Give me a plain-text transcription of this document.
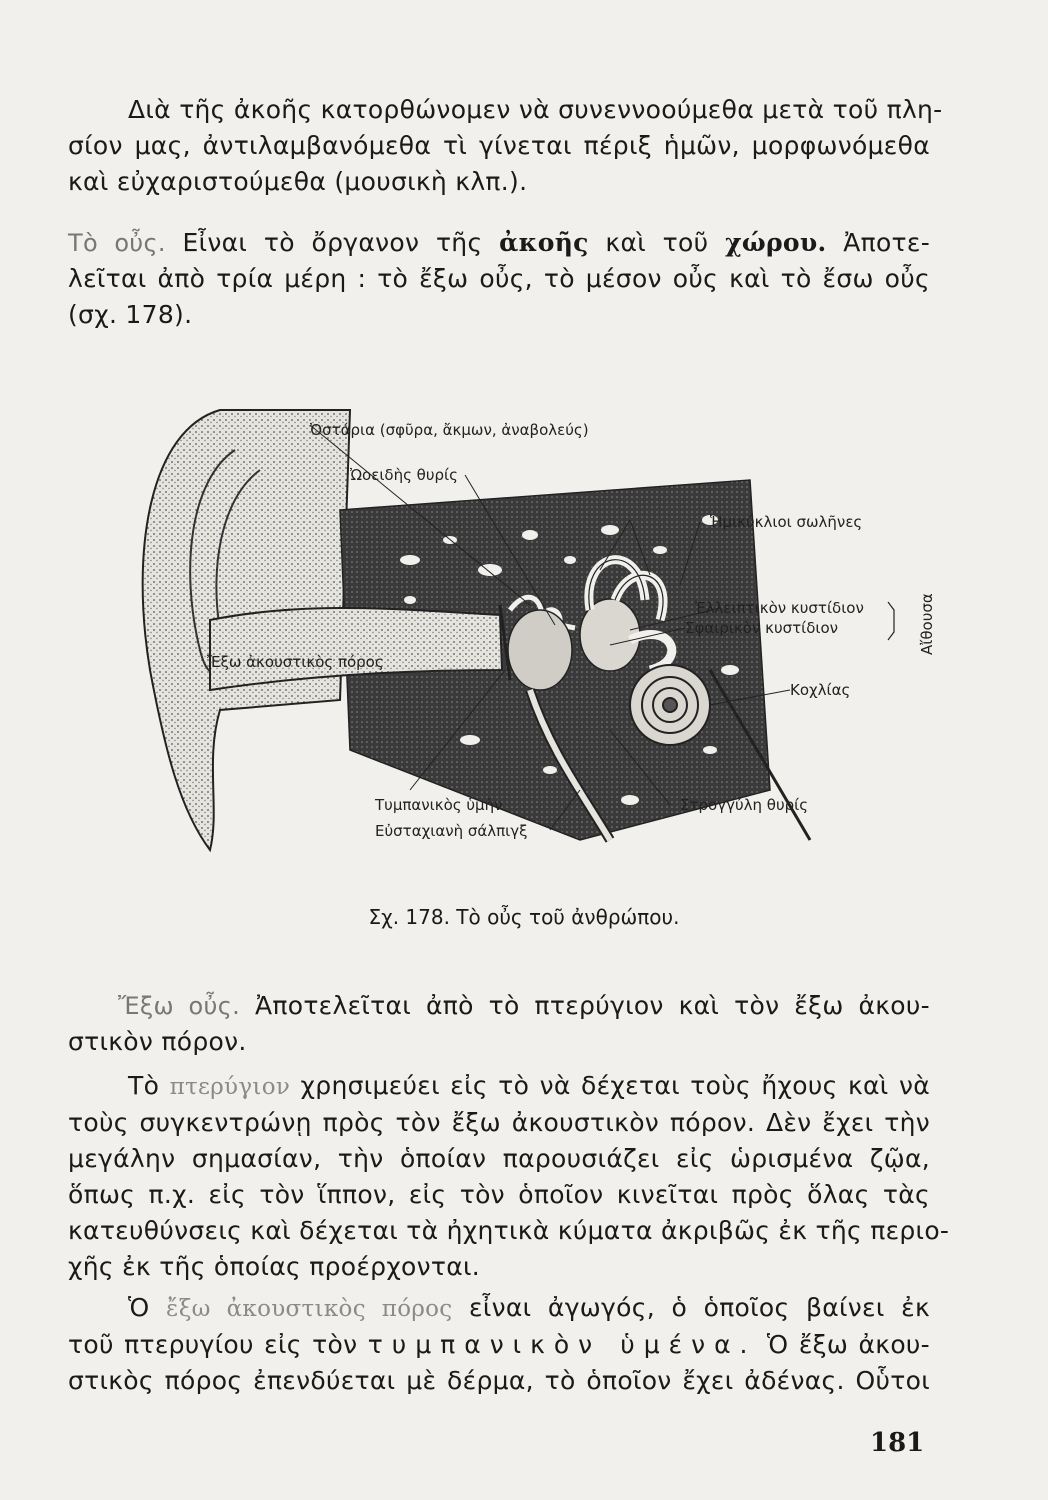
Διὰ τῆς ἀκοῆς κατορθώνομεν νὰ συνεννοούμεθα μετὰ τοῦ πλη-
σίον μας, ἀντιλαμβανόμεθα τὶ γίνεται πέριξ ἡμῶν, μορφωνόμεθα
καὶ εὐχαριστούμεθα (μουσικὴ κλπ.).
Τὸ οὖς. Εἶναι τὸ ὄργανον τῆς ἀκοῆς καὶ τοῦ χώρου. Ἀποτε-
λεῖται ἀπὸ τρία μέρη : τὸ ἔξω οὖς, τὸ μέσον οὖς καὶ τὸ ἔσω οὖς
(σχ. 178).
Ὀστάρια (σφῦρα, ἄκμων, ἀναβολεύς)
Ὠοειδὴς θυρίς
Ἡμικύκλιοι σωλῆνες
Ἐλλειπτικὸν κυστίδιον
Σφαιρικὸν κυστίδιον	Αἴθουσα
Ἔξω ἀκουστικὸς πόρος
Κοχλίας
Τυμπανικὸς ὑμὴν
Εὐσταχιανὴ σάλπιγξ
Στρογγύλη θυρίς
Σχ. 178. Τὸ οὖς τοῦ ἀνθρώπου.
Ἔξω οὖς. Ἀποτελεῖται ἀπὸ τὸ πτερύγιον καὶ τὸν ἔξω ἀκου-
στικὸν πόρον.
Τὸ πτερύγιον χρησιμεύει εἰς τὸ νὰ δέχεται τοὺς ἤχους καὶ νὰ
τοὺς συγκεντρώνῃ πρὸς τὸν ἔξω ἀκουστικὸν πόρον. Δὲν ἔχει τὴν
μεγάλην σημασίαν, τὴν ὁποίαν παρουσιάζει εἰς ὡρισμένα ζῷα,
ὅπως π.χ. εἰς τὸν ἵππον, εἰς τὸν ὁποῖον κινεῖται πρὸς ὅλας τὰς
κατευθύνσεις καὶ δέχεται τὰ ἠχητικὰ κύματα ἀκριβῶς ἐκ τῆς περιο-
χῆς ἐκ τῆς ὁποίας προέρχονται.
Ὁ ἔξω ἀκουστικὸς πόρος εἶναι ἀγωγός, ὁ ὁποῖος βαίνει ἐκ
τοῦ πτερυγίου εἰς τὸν τυμπανικὸν ὑμένα. Ὁ ἔξω ἀκου-
στικὸς πόρος ἐπενδύεται μὲ δέρμα, τὸ ὁποῖον ἔχει ἀδένας. Οὗτοι
181
